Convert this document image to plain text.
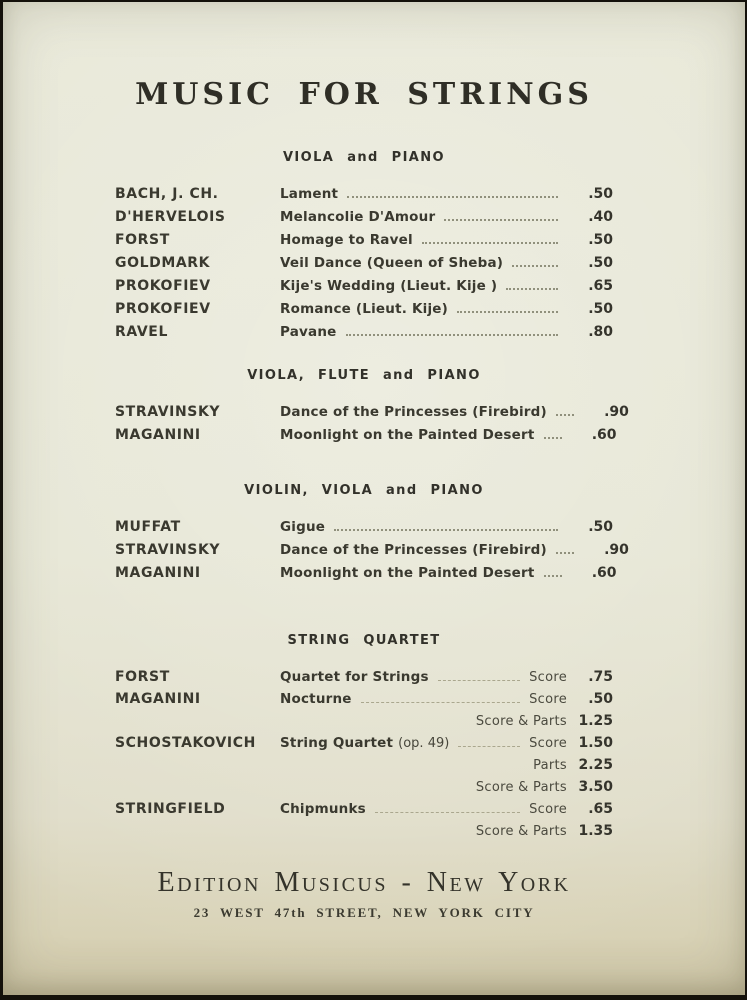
MUSIC FOR STRINGS
VIOLA and PIANO
BACH, J. CH.	Lament	.50
D'HERVELOIS	Melancolie D'Amour	.40
FORST	Homage to Ravel	.50
GOLDMARK	Veil Dance (Queen of Sheba)	.50
PROKOFIEV	Kije's Wedding (Lieut. Kije )	.65
PROKOFIEV	Romance (Lieut. Kije)	.50
RAVEL	Pavane	.80
VIOLA, FLUTE and PIANO
STRAVINSKY	Dance of the Princesses (Firebird)	.90
MAGANINI	Moonlight on the Painted Desert	.60
VIOLIN, VIOLA and PIANO
MUFFAT	Gigue	.50
STRAVINSKY	Dance of the Princesses (Firebird)	.90
MAGANINI	Moonlight on the Painted Desert	.60
STRING QUARTET
FORST	Quartet for Strings	Score	.75
MAGANINI	Nocturne	Score	.50
Score & Parts 1.25
SCHOSTAKOVICH	String Quartet (op. 49)	Score 1.50
Parts 2.25
Score & Parts 3.50
STRINGFIELD	Chipmunks	Score	.65
Score & Parts 1.35
Edition Musicus - New York
23 WEST 47th STREET, NEW YORK CITY
